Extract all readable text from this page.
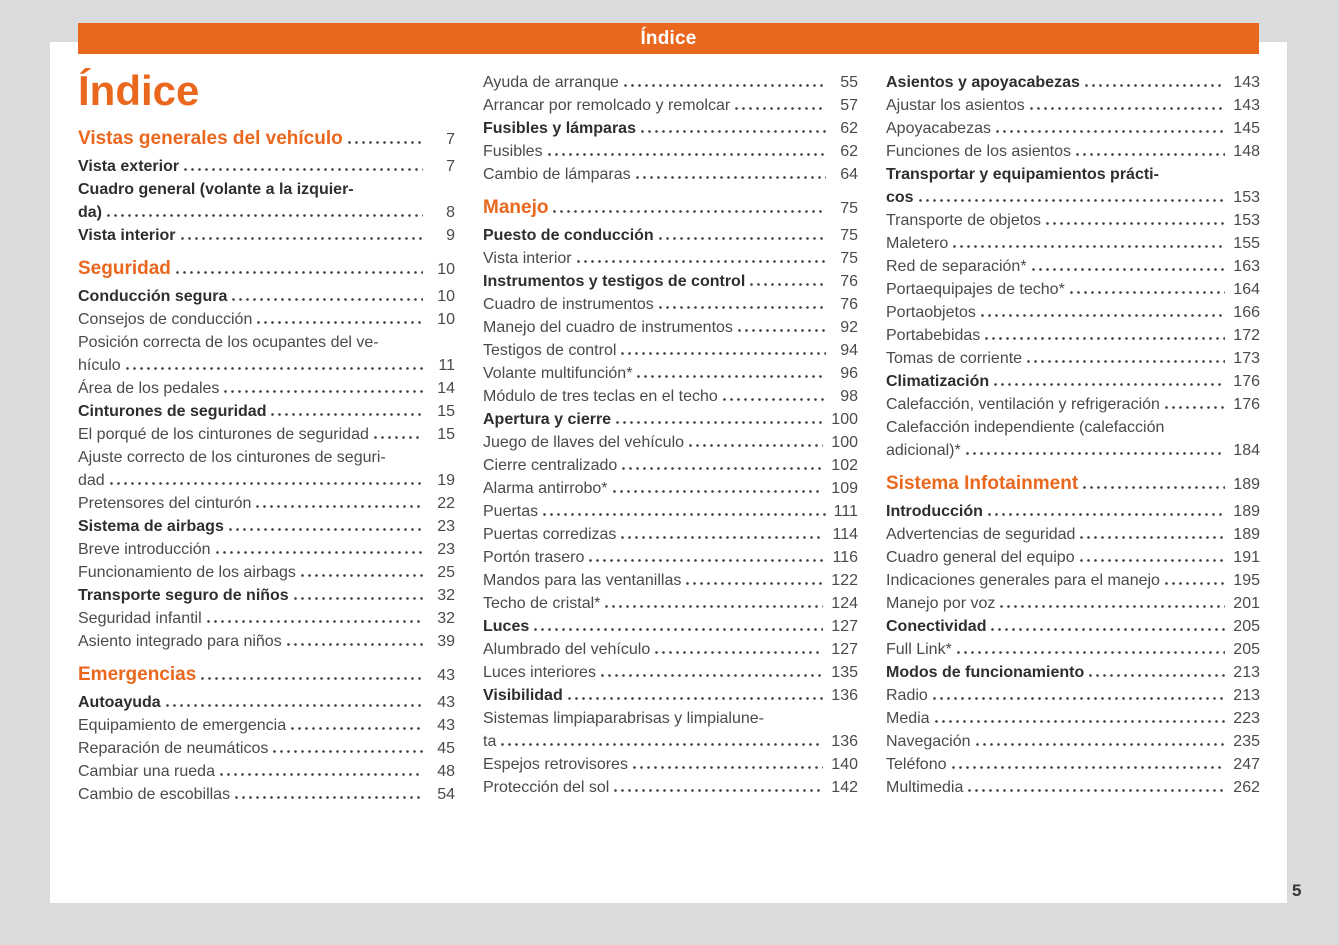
Índice
Índice
Vistas generales del vehículo	7
Vista exterior	7
Cuadro general (volante a la izquier-
da)	8
Vista interior	9
Seguridad	10
Conducción segura	10
Consejos de conducción	10
Posición correcta de los ocupantes del ve-
hículo	11
Área de los pedales	14
Cinturones de seguridad	15
El porqué de los cinturones de seguridad	15
Ajuste correcto de los cinturones de seguri-
dad	19
Pretensores del cinturón	22
Sistema de airbags	23
Breve introducción	23
Funcionamiento de los airbags	25
Transporte seguro de niños	32
Seguridad infantil	32
Asiento integrado para niños	39
Emergencias	43
Autoayuda	43
Equipamiento de emergencia	43
Reparación de neumáticos	45
Cambiar una rueda	48
Cambio de escobillas	54
Ayuda de arranque	55
Arrancar por remolcado y remolcar	57
Fusibles y lámparas	62
Fusibles	62
Cambio de lámparas	64
Manejo	75
Puesto de conducción	75
Vista interior	75
Instrumentos y testigos de control	76
Cuadro de instrumentos	76
Manejo del cuadro de instrumentos	92
Testigos de control	94
Volante multifunción*	96
Módulo de tres teclas en el techo	98
Apertura y cierre	100
Juego de llaves del vehículo	100
Cierre centralizado	102
Alarma antirrobo*	109
Puertas	111
Puertas corredizas	114
Portón trasero	116
Mandos para las ventanillas	122
Techo de cristal*	124
Luces	127
Alumbrado del vehículo	127
Luces interiores	135
Visibilidad	136
Sistemas limpiaparabrisas y limpialune-
ta	136
Espejos retrovisores	140
Protección del sol	142
Asientos y apoyacabezas	143
Ajustar los asientos	143
Apoyacabezas	145
Funciones de los asientos	148
Transportar y equipamientos prácti-
cos	153
Transporte de objetos	153
Maletero	155
Red de separación*	163
Portaequipajes de techo*	164
Portaobjetos	166
Portabebidas	172
Tomas de corriente	173
Climatización	176
Calefacción, ventilación y refrigeración	176
Calefacción independiente (calefacción
adicional)*	184
Sistema Infotainment	189
Introducción	189
Advertencias de seguridad	189
Cuadro general del equipo	191
Indicaciones generales para el manejo	195
Manejo por voz	201
Conectividad	205
Full Link*	205
Modos de funcionamiento	213
Radio	213
Media	223
Navegación	235
Teléfono	247
Multimedia	262
5
